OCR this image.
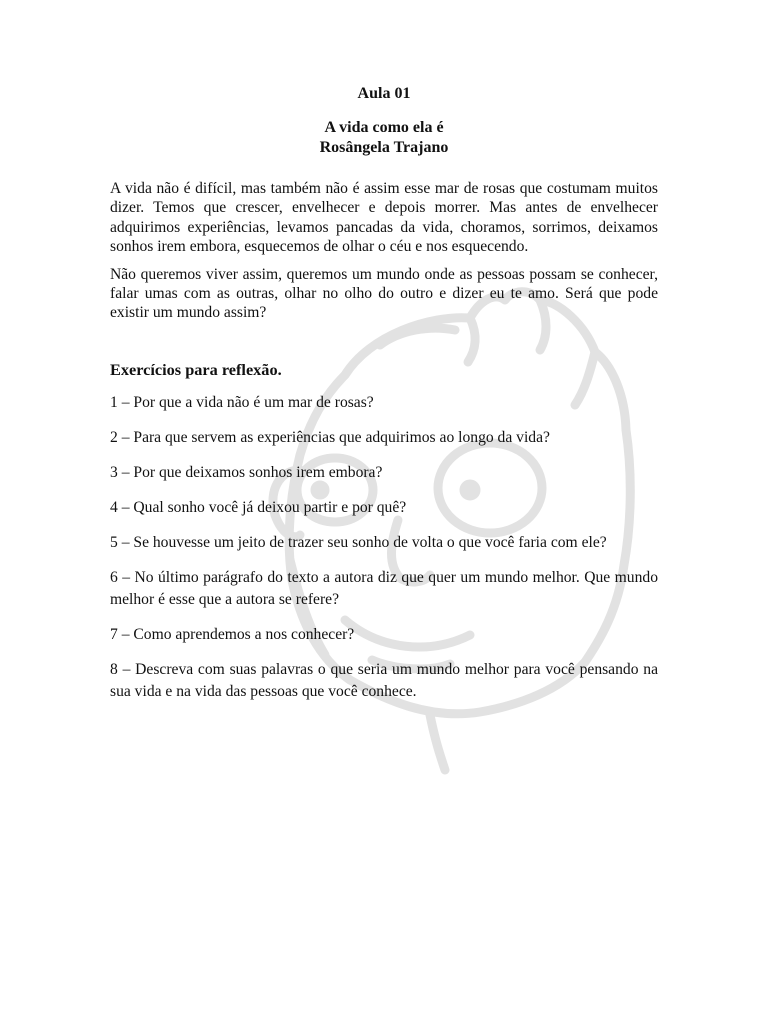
Aula 01
A vida como ela é
Rosângela Trajano

A vida não é difícil, mas também não é assim esse mar de rosas que costumam muitos dizer. Temos que crescer, envelhecer e depois morrer. Mas antes de envelhecer adquirimos experiências, levamos pancadas da vida, choramos, sorrimos, deixamos sonhos irem embora, esquecemos de olhar o céu e nos esquecendo.

Não queremos viver assim, queremos um mundo onde as pessoas possam se conhecer, falar umas com as outras, olhar no olho do outro e dizer eu te amo. Será que pode existir um mundo assim?

Exercícios para reflexão.
1 – Por que a vida não é um mar de rosas?
2 – Para que servem as experiências que adquirimos ao longo da vida?
3 – Por que deixamos sonhos irem embora?
4 – Qual sonho você já deixou partir e por quê?
5 – Se houvesse um jeito de trazer seu sonho de volta o que você faria com ele?
6 – No último parágrafo do texto a autora diz que quer um mundo melhor. Que mundo melhor é esse que a autora se refere?
7 – Como aprendemos a nos conhecer?
8 – Descreva com suas palavras o que seria um mundo melhor para você pensando na sua vida e na vida das pessoas que você conhece.
